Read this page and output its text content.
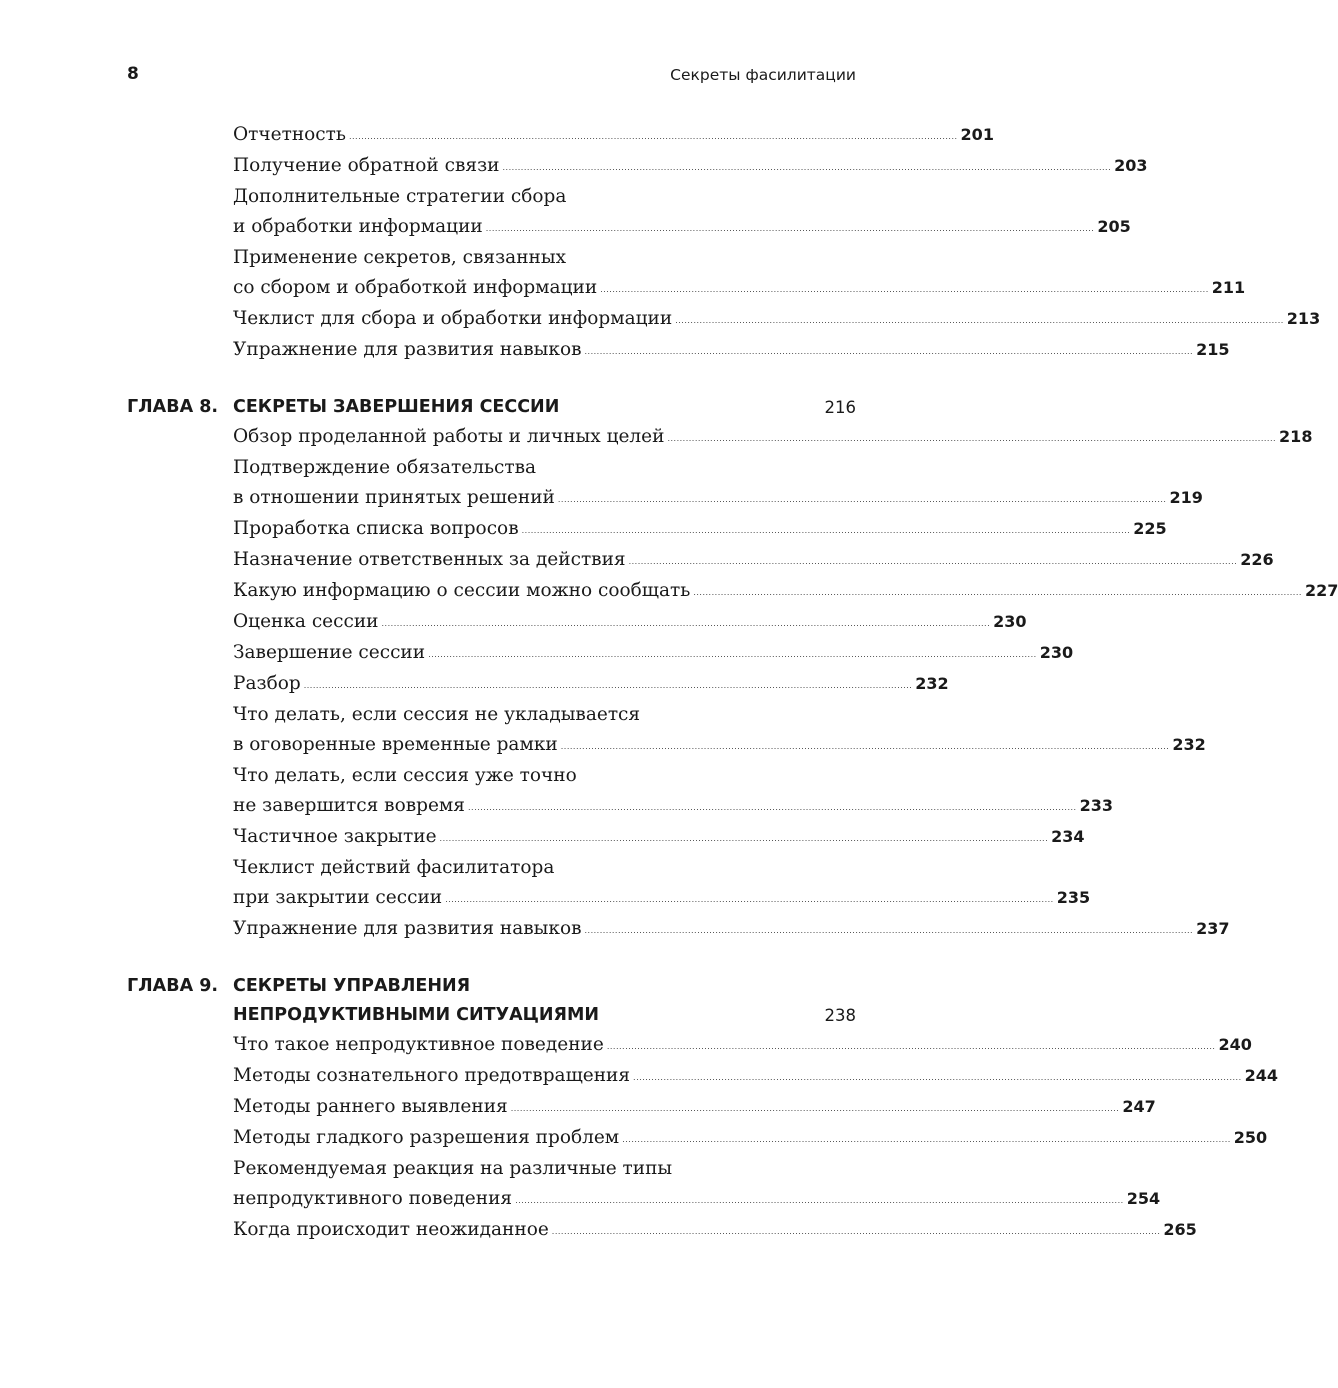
8	Секреты фасилитации
Отчетность ........................................................................................................................................................................................................ 201
Получение обратной связи ........................................................................................................................................................................................................ 203
Дополнительные стратегии сбора
и обработки информации ........................................................................................................................................................................................................ 205
Применение секретов, связанных
со сбором и обработкой информации ........................................................................................................................................................................................................ 211
Чеклист для сбора и обработки информации ........................................................................................................................................................................................................ 213
Упражнение для развития навыков ........................................................................................................................................................................................................ 215
ГЛАВА 8. СЕКРЕТЫ ЗАВЕРШЕНИЯ СЕССИИ	216
Обзор проделанной работы и личных целей ........................................................................................................................................................................................................ 218
Подтверждение обязательства
в отношении принятых решений ........................................................................................................................................................................................................ 219
Проработка списка вопросов ........................................................................................................................................................................................................ 225
Назначение ответственных за действия ........................................................................................................................................................................................................ 226
Какую информацию о сессии можно сообщать ........................................................................................................................................................................................................ 227
Оценка сессии ........................................................................................................................................................................................................ 230
Завершение сессии ........................................................................................................................................................................................................ 230
Разбор ........................................................................................................................................................................................................ 232
Что делать, если сессия не укладывается
в оговоренные временные рамки ........................................................................................................................................................................................................ 232
Что делать, если сессия уже точно
не завершится вовремя ........................................................................................................................................................................................................ 233
Частичное закрытие ........................................................................................................................................................................................................ 234
Чеклист действий фасилитатора
при закрытии сессии ........................................................................................................................................................................................................ 235
Упражнение для развития навыков ........................................................................................................................................................................................................ 237
ГЛАВА 9. СЕКРЕТЫ УПРАВЛЕНИЯ
НЕПРОДУКТИВНЫМИ СИТУАЦИЯМИ	238
Что такое непродуктивное поведение ........................................................................................................................................................................................................ 240
Методы сознательного предотвращения ........................................................................................................................................................................................................ 244
Методы раннего выявления ........................................................................................................................................................................................................ 247
Методы гладкого разрешения проблем ........................................................................................................................................................................................................ 250
Рекомендуемая реакция на различные типы
непродуктивного поведения ........................................................................................................................................................................................................ 254
Когда происходит неожиданное ........................................................................................................................................................................................................ 265
